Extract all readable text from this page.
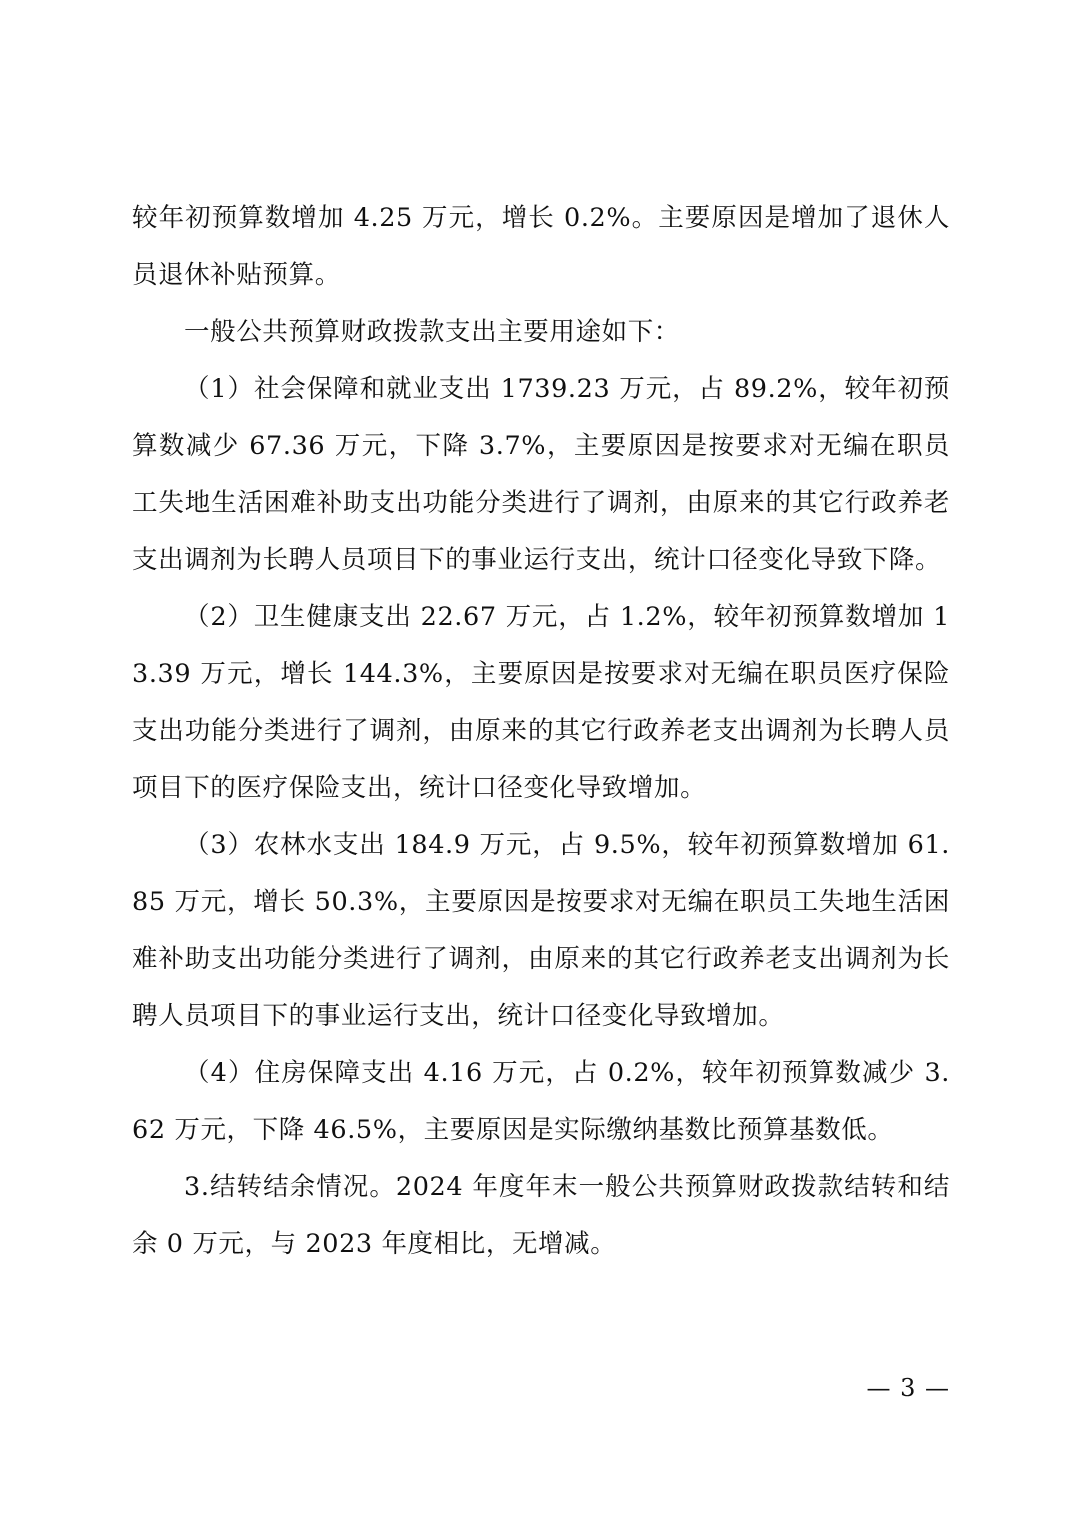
较年初预算数增加 4.25 万元，增长 0.2%。主要原因是增加了退休人员退休补贴预算。

一般公共预算财政拨款支出主要用途如下：

（1）社会保障和就业支出 1739.23 万元，占 89.2%，较年初预算数减少 67.36 万元，下降 3.7%，主要原因是按要求对无编在职员工失地生活困难补助支出功能分类进行了调剂，由原来的其它行政养老支出调剂为长聘人员项目下的事业运行支出，统计口径变化导致下降。

（2）卫生健康支出 22.67 万元，占 1.2%，较年初预算数增加 13.39 万元，增长 144.3%，主要原因是按要求对无编在职员医疗保险支出功能分类进行了调剂，由原来的其它行政养老支出调剂为长聘人员项目下的医疗保险支出，统计口径变化导致增加。

（3）农林水支出 184.9 万元，占 9.5%，较年初预算数增加 61.85 万元，增长 50.3%，主要原因是按要求对无编在职员工失地生活困难补助支出功能分类进行了调剂，由原来的其它行政养老支出调剂为长聘人员项目下的事业运行支出，统计口径变化导致增加。

（4）住房保障支出 4.16 万元，占 0.2%，较年初预算数减少 3.62 万元，下降 46.5%，主要原因是实际缴纳基数比预算基数低。

3.结转结余情况。2024 年度年末一般公共预算财政拨款结转和结余 0 万元，与 2023 年度相比，无增减。

— 3 —
